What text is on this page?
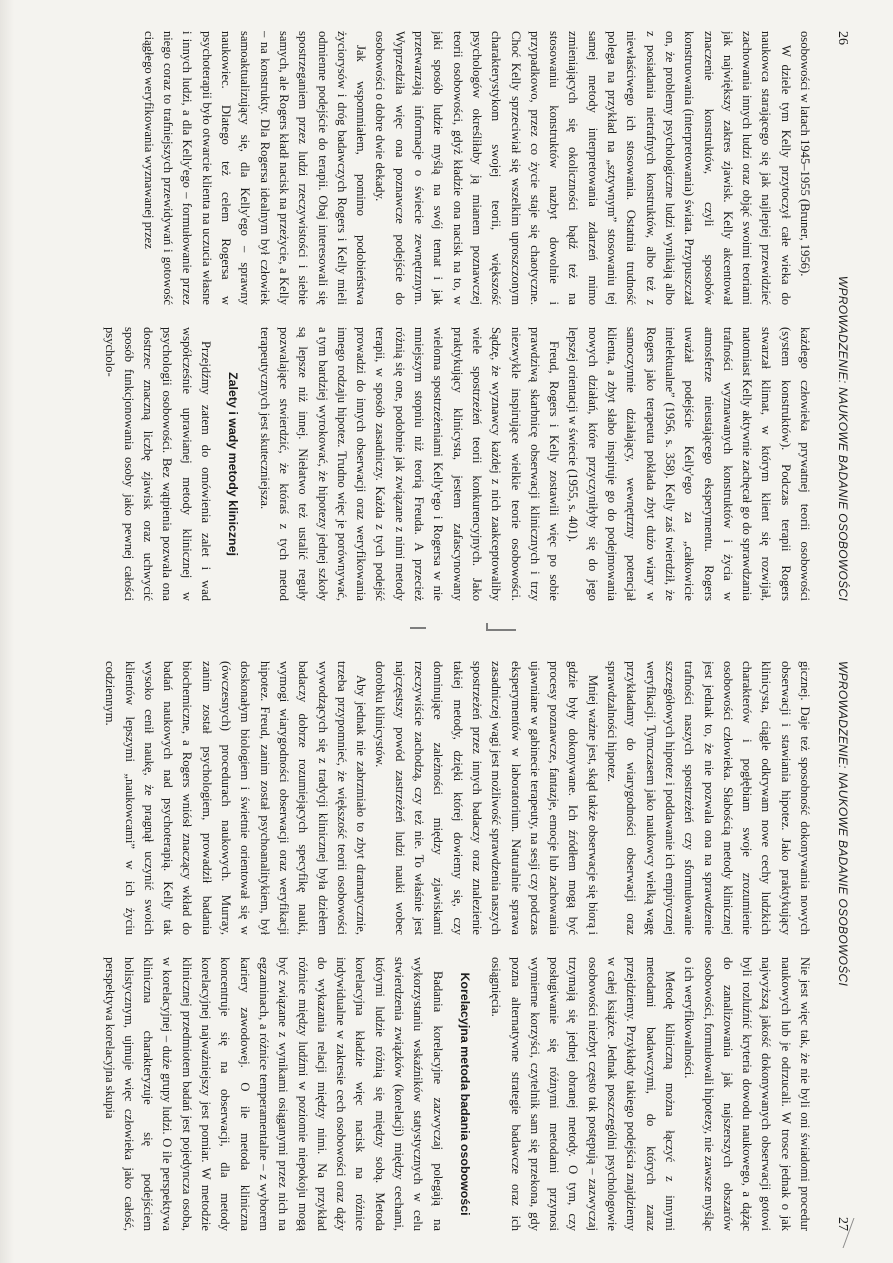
26
WPROWADZENIE: NAUKOWE BADANIE OSOBOWOŚCI

osobowości w latach 1945–1955 (Bruner, 1956).

W dziele tym Kelly przytoczył całe wieka do naukowca starającego się jak najlepiej przewidzieć zachowania innych ludzi oraz objąć swoimi teoriami jak największy zakres zjawisk. Kelly akcentował znaczenie konstruktów, czyli sposobów konstruowania (interpretowania) świata. Przypuszczał on, że problemy psychologiczne ludzi wynikają albo z posiadania nietrafnych konstruktów, albo też z niewłaściwego ich stosowania. Ostatnia trudność polega na przykład na „sztywnym” stosowaniu tej samej metody interpretowania zdarzeń mimo zmieniających się okoliczności bądź też na stosowaniu konstruktów nazbyt dowolnie i przypadkowo, przez co życie staje się chaotyczne. Choć Kelly sprzeciwiał się wszelkim uproszczonym charakterystykom swojej teorii, większość psychologów określiłaby ją mianem poznawczej teorii osobowości, gdyż kładzie ona nacisk na to, w jaki sposób ludzie myślą na swój temat i jak przetwarzają informacje o świecie zewnętrznym. Wyprzedziła więc ona poznawcze podejście do osobowości o dobre dwie dekady.

Jak wspomniałem, pomimo podobieństwa życiorysów i dróg badawczych Rogers i Kelly mieli odmienne podejście do terapii. Obaj interesowali się spostrzeganiem przez ludzi rzeczywistości i siebie samych, ale Rogers kładł nacisk na przeżycie, a Kelly – na konstrukty. Dla Rogersa idealnym był człowiek samoaktualizujący się, dla Kelly'ego – sprawny naukowiec. Dlatego też celem Rogersa w psychoterapii było otwarcie klienta na uczucia własne i innych ludzi, a dla Kelly'ego – formułowanie przez niego coraz to trafniejszych przewidywań i gotowość ciągłego weryfikowania wyznawanej przez

każdego człowieka prywatnej teorii osobowości (system konstruktów). Podczas terapii Rogers stwarzał klimat, w którym klient się rozwijał, natomiast Kelly aktywnie zachęcał go do sprawdzania trafności wyznawanych konstruktów i życia w atmosferze nieustającego eksperymentu. Rogers uważał podejście Kelly'ego za „całkowicie intelektualne” (1956, s. 358). Kelly zaś twierdził, że Rogers jako terapeuta pokłada zbyt dużo wiary w samoczynnie działający, wewnętrzny potencjał klienta, a zbyt słabo inspiruje go do podejmowania nowych działań, które przyczyniłyby się do jego lepszej orientacji w świecie (1955, s. 401).

Freud, Rogers i Kelly zostawili więc po sobie prawdziwą skarbnicę obserwacji klinicznych i trzy niezwykle inspirujące wielkie teorie osobowości. Sądzę, że wyznawcy każdej z nich zaakceptowaliby wiele spostrzeżeń teorii konkurencyjnych. Jako praktykujący klinicysta, jestem zafascynowany wieloma spostrzeżeniami Kelly'ego i Rogersa w nie mniejszym stopniu niż teorią Freuda. A przecież różnią się one, podobnie jak związane z nimi metody terapii, w sposób zasadniczy. Każda z tych podejść prowadzi do innych obserwacji oraz weryfikowania innego rodzaju hipotez. Trudno więc je porównywać, a tym bardziej wyrokować, że hipotezy jednej szkoły są lepsze niż innej. Niełatwo też ustalić reguły pozwalające stwierdzić, że któraś z tych metod terapeutycznych jest skuteczniejsza.

Zalety i wady metody klinicznej

Przejdźmy zatem do omówienia zalet i wad współcześnie uprawianej metody klinicznej w psychologii osobowości. Bez wątpienia pozwala ona dostrzec znaczną liczbę zjawisk oraz uchwycić sposób funkcjonowania osoby jako pewnej całości psycholo-

WPROWADZENIE: NAUKOWE BADANIE OSOBOWOŚCI
27

gicznej. Daje też sposobność dokonywania nowych obserwacji i stawiania hipotez. Jako praktykujący klinicysta, ciągle odkrywam nowe cechy ludzkich charakterów i pogłębiam swoje zrozumienie osobowości człowieka. Słabością metody klinicznej jest jednak to, że nie pozwala ona na sprawdzenie trafności naszych spostrzeżeń czy sformułowanie szczegółowych hipotez i poddawanie ich empirycznej weryfikacji. Tymczasem jako naukowcy wielką wagę przykładamy do wiarygodności obserwacji oraz sprawdzalności hipotez.

Mniej ważne jest, skąd także obserwacje się biorą i gdzie były dokonywane. Ich źródłem mogą być procesy poznawcze, fantazje, emocje lub zachowania ujawniane w gabinecie terapeuty, na sesji czy podczas eksperymentów w laboratorium. Naturalnie sprawa zasadniczej wagi jest możliwość sprawdzenia naszych spostrzeżeń przez innych badaczy oraz znalezienie takiej metody, dzięki której dowiemy się, czy dominujące zależności między zjawiskami rzeczywiście zachodzą, czy też nie. To właśnie jest najczęstszy powód zastrzeżeń ludzi nauki wobec dorobku klinicystów.

Aby jednak nie zabrzmiało to zbyt dramatycznie, trzeba przypomnieć, że większość teorii osobowości wywodzących się z tradycji klinicznej była dziełem badaczy dobrze rozumiejących specyfikę nauki, wymogi wiarygodności obserwacji oraz weryfikacji hipotez. Freud, zanim został psychoanalitykiem, był doskonałym biologiem i świetnie orientował się w (ówczesnych) procedurach naukowych. Murray, zanim został psychologiem, prowadził badania biochemiczne, a Rogers wniósł znaczący wkład do badań naukowych nad psychoterapią. Kelly tak wysoko cenił naukę, że pragnął uczynić swoich klientów lepszymi „naukowcami” w ich życiu codziennym.

Nie jest więc tak, że nie byli oni świadomi procedur naukowych lub je odrzucali. W trosce jednak o jak najwyższą jakość dokonywanych obserwacji gotowi byli rozluźnić kryteria dowodu naukowego, a dążąc do zanalizowania jak najszerszych obszarów osobowości, formułowali hipotezy, nie zawsze myśląc o ich weryfikowalności.

Metodę kliniczną można łączyć z innymi metodami badawczymi, do których zaraz przejdziemy. Przykłady takiego podejścia znajdziemy w całej książce. Jednak poszczególni psychologowie osobowości niezbyt często tak postępują – zazwyczaj trzymają się jednej obranej metody. O tym, czy posługiwanie się różnymi metodami przynosi wymierne korzyści, czytelnik sam się przekona, gdy pozna alternatywne strategie badawcze oraz ich osiągnięcia.

Korelacyjna metoda badania osobowości

Badania korelacyjne zazwyczaj polegają na wykorzystaniu wskaźników statystycznych w celu stwierdzenia związków (korelacji) między cechami, którymi ludzie różnią się między sobą. Metoda korelacyjna kładzie więc nacisk na różnice indywidualne w zakresie cech osobowości oraz dąży do wykazania relacji między nimi. Na przykład różnice między ludźmi w poziomie niepokoju mogą być związane z wynikami osiąganymi przez nich na egzaminach, a różnice temperamentalne – z wyborem kariery zawodowej. O ile metoda kliniczna koncentruje się na obserwacji, dla metody korelacyjnej najważniejszy jest pomiar. W metodzie klinicznej przedmiotem badań jest pojedyncza osoba, w korelacyjnej – duże grupy ludzi. O ile perspektywa kliniczna charakteryzuje się podejściem holistycznym, ujmuje więc człowieka jako całość, perspektywa korelacyjna skupia
